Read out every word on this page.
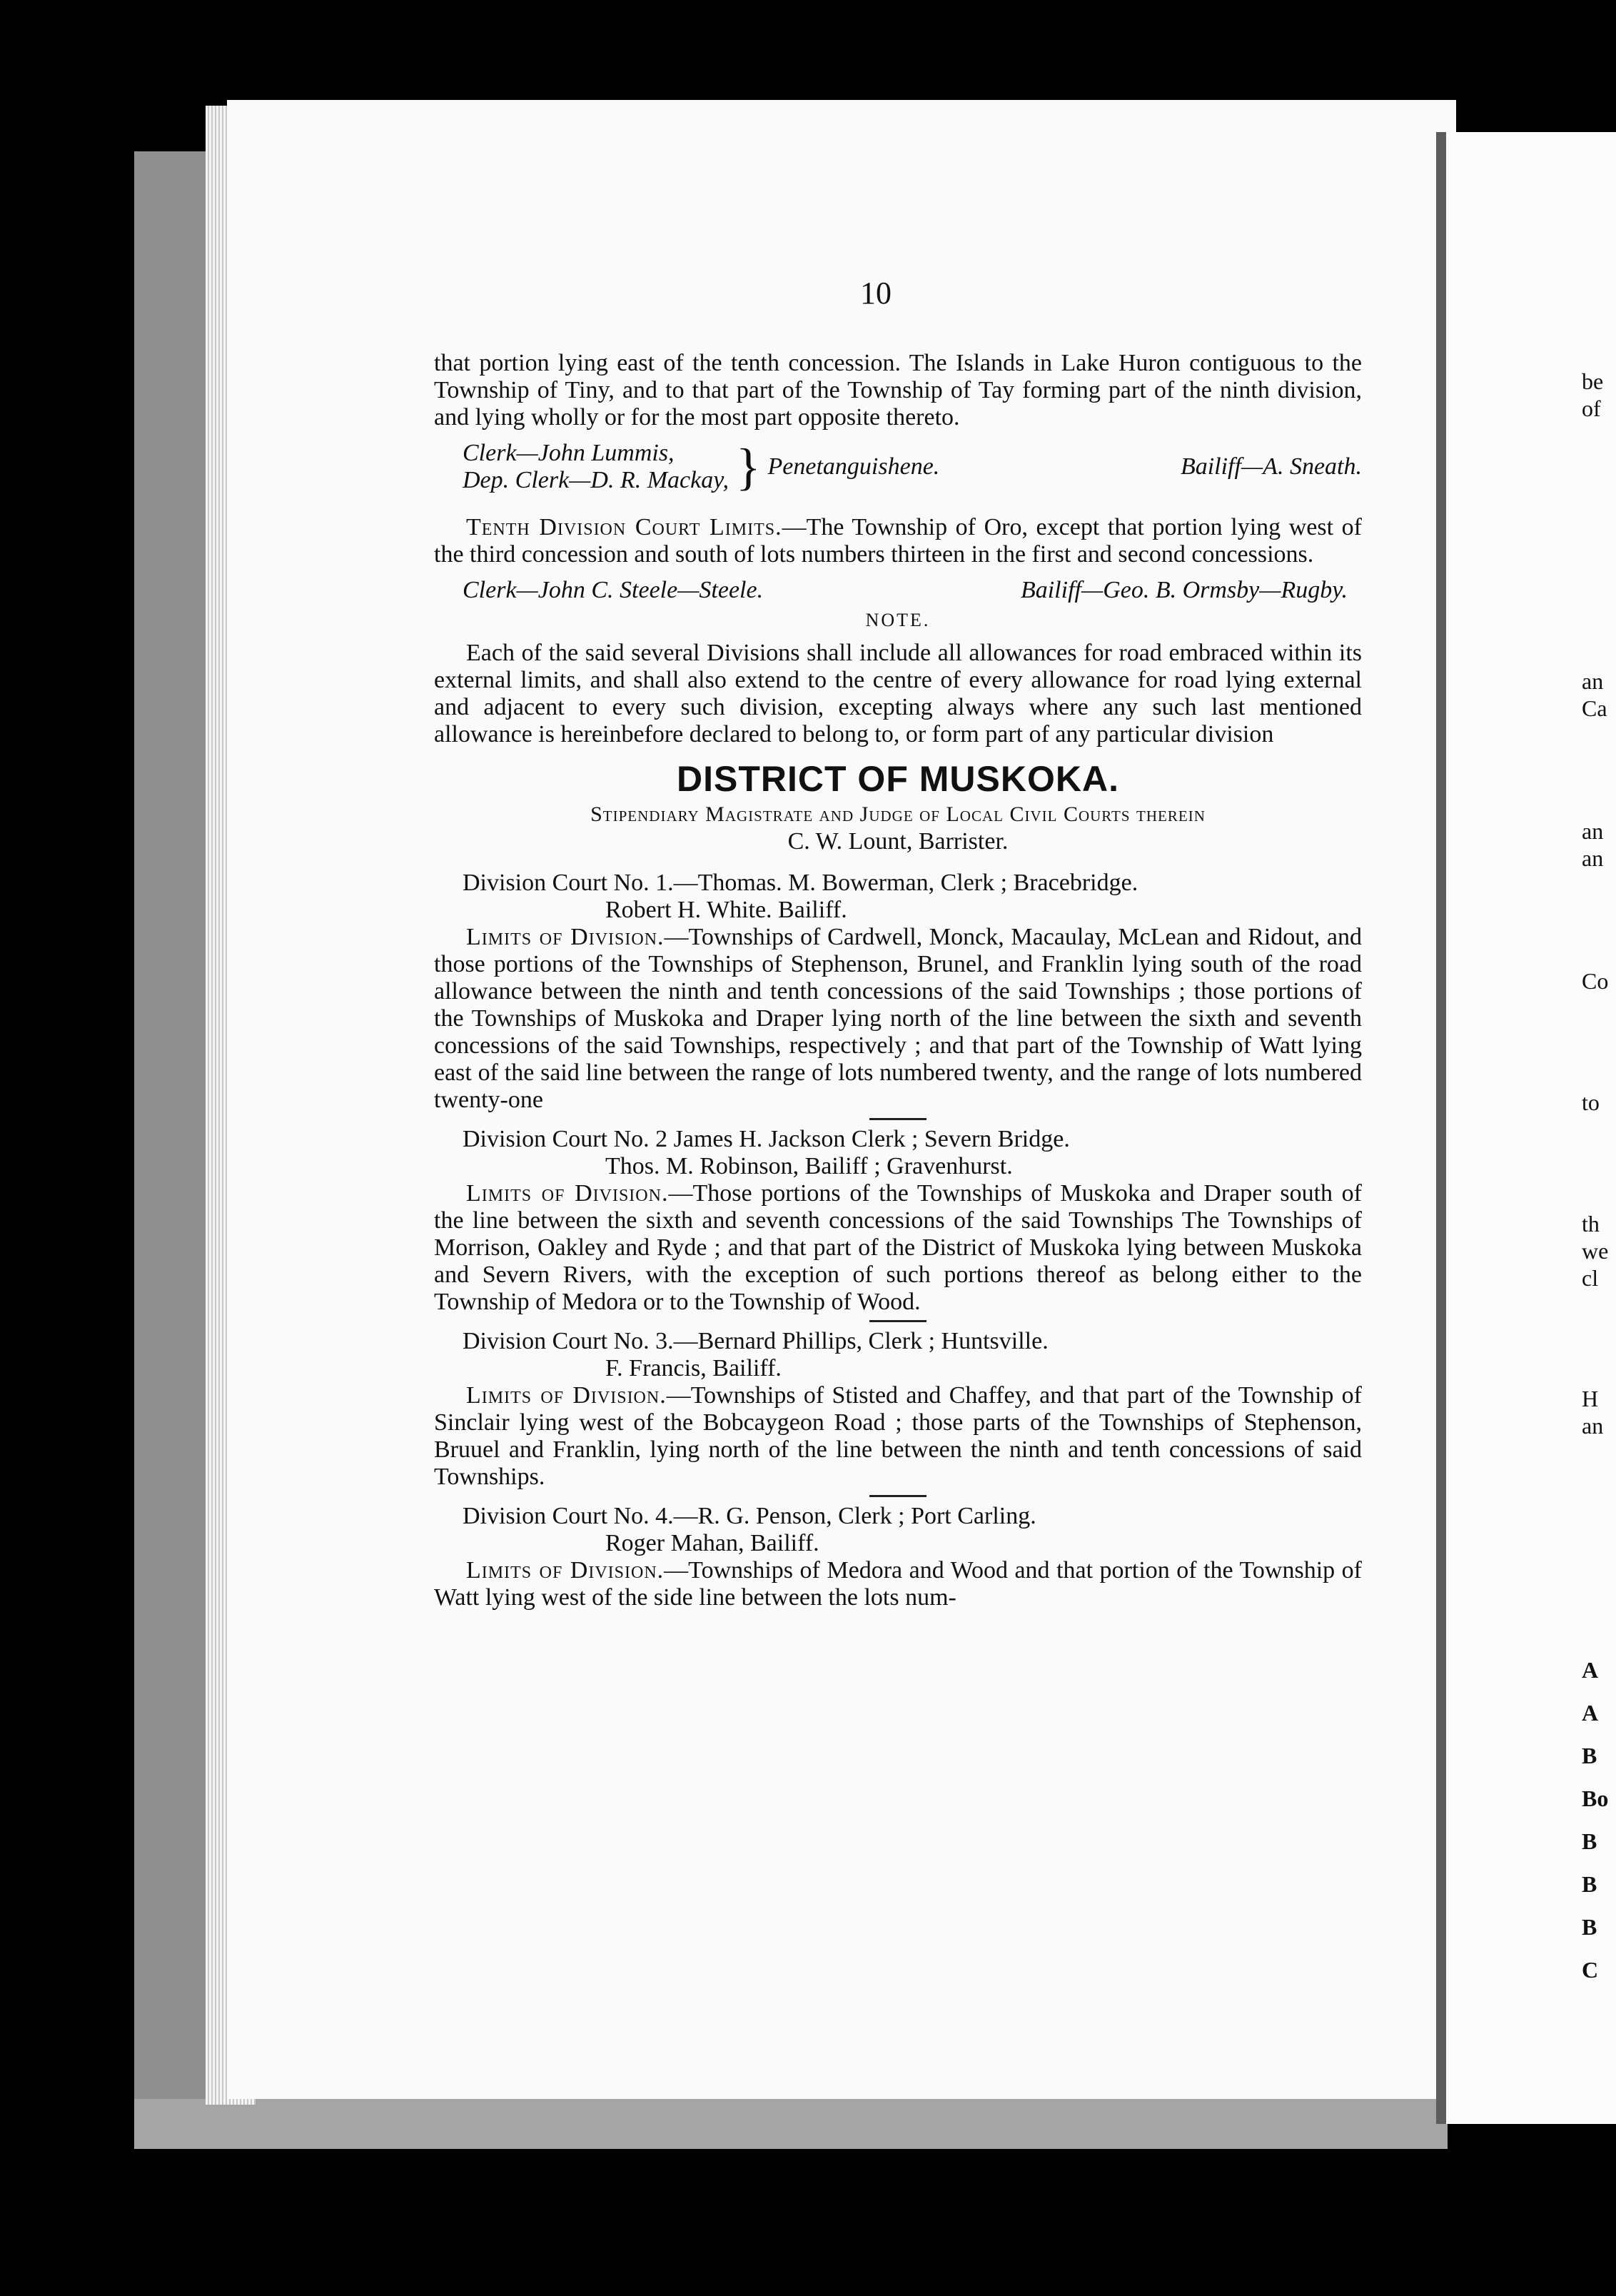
be
of
an
Ca
an
an
Co
to
th
we
cl
H
an
A
A
B
Bo
B
B
B
C
10

that portion lying east of the tenth concession. The Islands in Lake Huron contiguous to the Township of Tiny, and to that part of the Township of Tay forming part of the ninth division, and lying wholly or for the most part opposite thereto.

Clerk—John Lummis,
Dep. Clerk—D. R. Mackay, } Penetanguishene.	Bailiff—A. Sneath.

Tenth Division Court Limits.—The Township of Oro, except that portion lying west of the third concession and south of lots numbers thirteen in the first and second concessions.

Clerk—John C. Steele—Steele.	Bailiff—Geo. B. Ormsby—Rugby.
NOTE.

Each of the said several Divisions shall include all allowances for road embraced within its external limits, and shall also extend to the centre of every allowance for road lying external and adjacent to every such division, excepting always where any such last mentioned allowance is hereinbefore declared to belong to, or form part of any particular division

DISTRICT OF MUSKOKA.
Stipendiary Magistrate and Judge of Local Civil Courts therein
C. W. Lount, Barrister.
Division Court No. 1.—Thomas. M. Bowerman, Clerk ; Bracebridge.
Robert H. White. Bailiff.

Limits of Division.—Townships of Cardwell, Monck, Macaulay, McLean and Ridout, and those portions of the Townships of Stephenson, Brunel, and Franklin lying south of the road allowance between the ninth and tenth concessions of the said Townships ; those portions of the Townships of Muskoka and Draper lying north of the line between the sixth and seventh concessions of the said Townships, respectively ; and that part of the Township of Watt lying east of the said line between the range of lots numbered twenty, and the range of lots numbered twenty-one

Division Court No. 2 James H. Jackson Clerk ; Severn Bridge.
Thos. M. Robinson, Bailiff ; Gravenhurst.

Limits of Division.—Those portions of the Townships of Muskoka and Draper south of the line between the sixth and seventh concessions of the said Townships The Townships of Morrison, Oakley and Ryde ; and that part of the District of Muskoka lying between Muskoka and Severn Rivers, with the exception of such portions thereof as belong either to the Township of Medora or to the Township of Wood.

Division Court No. 3.—Bernard Phillips, Clerk ; Huntsville.
F. Francis, Bailiff.

Limits of Division.—Townships of Stisted and Chaffey, and that part of the Township of Sinclair lying west of the Bobcaygeon Road ; those parts of the Townships of Stephenson, Bruuel and Franklin, lying north of the line between the ninth and tenth concessions of said Townships.

Division Court No. 4.—R. G. Penson, Clerk ; Port Carling.
Roger Mahan, Bailiff.

Limits of Division.—Townships of Medora and Wood and that portion of the Township of Watt lying west of the side line between the lots num-
